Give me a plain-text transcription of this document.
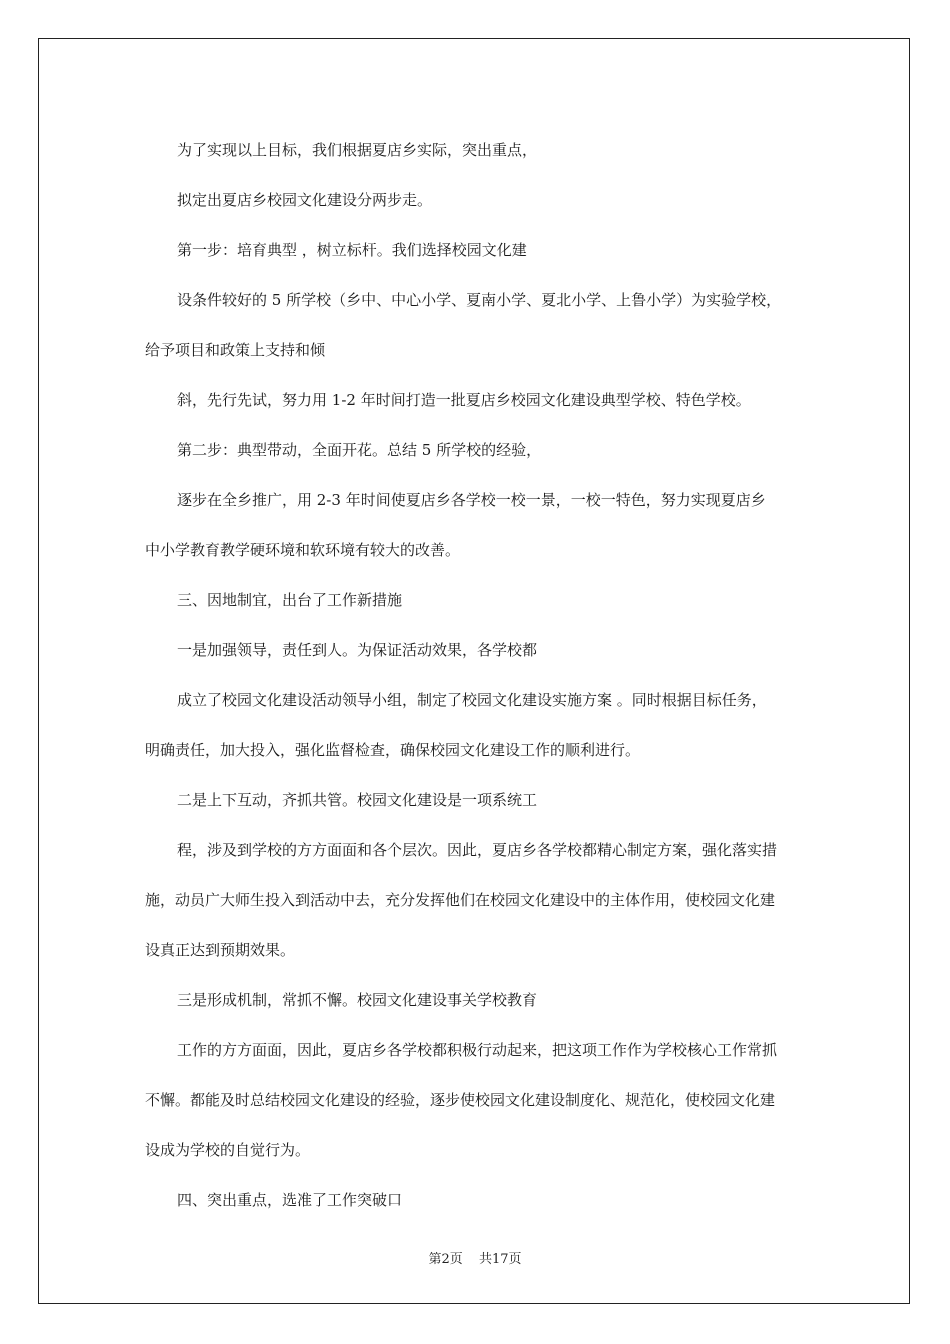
为了实现以上目标，我们根据夏店乡实际，突出重点，
拟定出夏店乡校园文化建设分两步走。
第一步：培育典型 ，树立标杆。我们选择校园文化建
设条件较好的 5 所学校（乡中、中心小学、夏南小学、夏北小学、上鲁小学）为实验学校，
给予项目和政策上支持和倾
斜，先行先试，努力用 1-2 年时间打造一批夏店乡校园文化建设典型学校、特色学校。
第二步：典型带动，全面开花。总结 5 所学校的经验，
逐步在全乡推广，用 2-3 年时间使夏店乡各学校一校一景，一校一特色，努力实现夏店乡
中小学教育教学硬环境和软环境有较大的改善。
三、因地制宜，出台了工作新措施
一是加强领导，责任到人。为保证活动效果，各学校都
成立了校园文化建设活动领导小组，制定了校园文化建设实施方案 。同时根据目标任务，
明确责任，加大投入，强化监督检查，确保校园文化建设工作的顺利进行。
二是上下互动，齐抓共管。校园文化建设是一项系统工
程，涉及到学校的方方面面和各个层次。因此，夏店乡各学校都精心制定方案，强化落实措
施，动员广大师生投入到活动中去，充分发挥他们在校园文化建设中的主体作用，使校园文化建
设真正达到预期效果。
三是形成机制，常抓不懈。校园文化建设事关学校教育
工作的方方面面，因此，夏店乡各学校都积极行动起来，把这项工作作为学校核心工作常抓
不懈。都能及时总结校园文化建设的经验，逐步使校园文化建设制度化、规范化，使校园文化建
设成为学校的自觉行为。
四、突出重点，选准了工作突破口
第2页 共17页
